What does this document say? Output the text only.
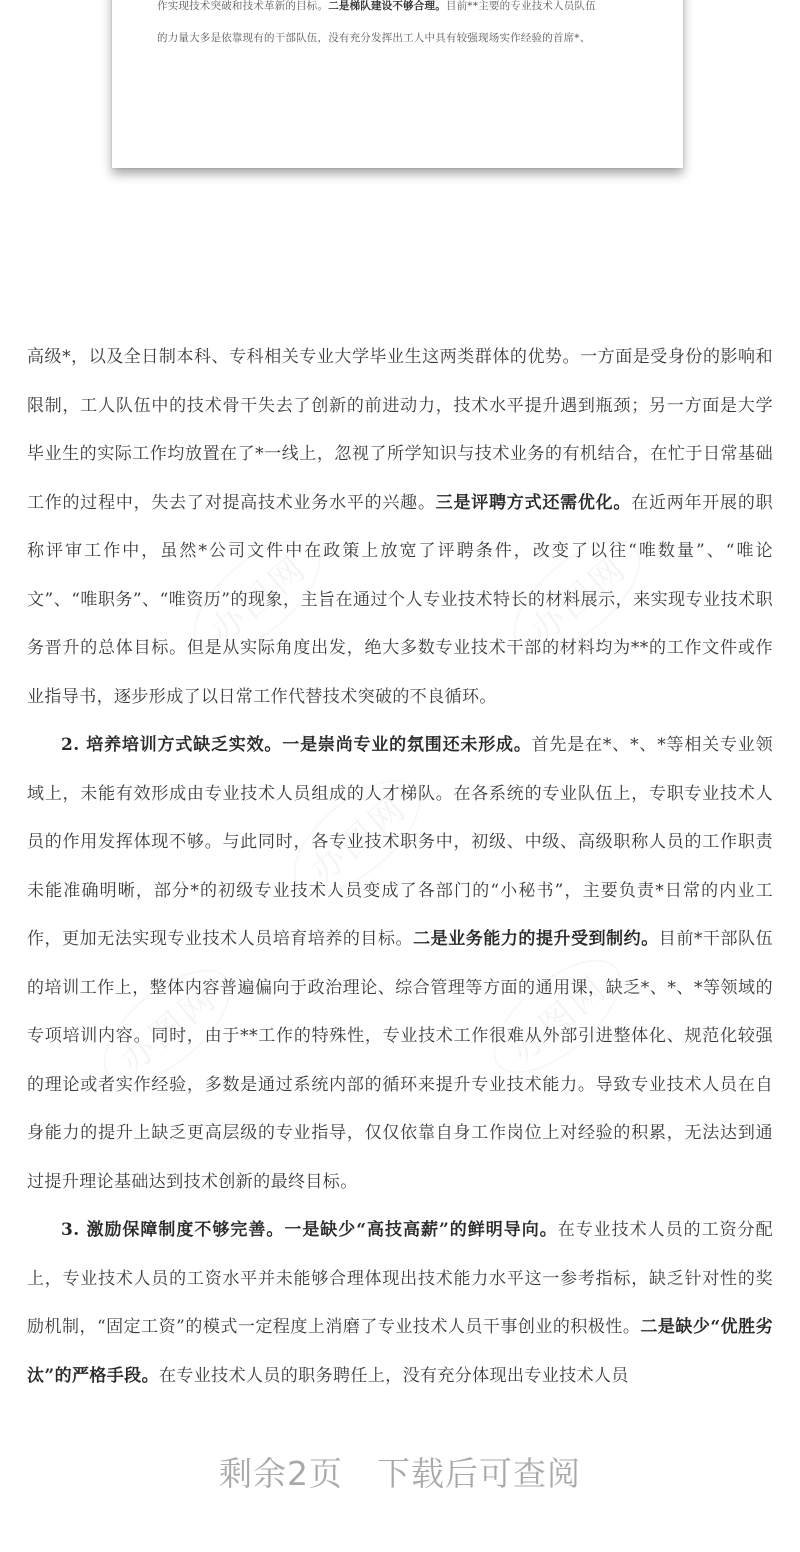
作实现技术突破和技术革新的目标。二是梯队建设不够合理。目前**主要的专业技术人员队伍

的力量大多是依靠现有的干部队伍，没有充分发挥出工人中具有较强现场实作经验的首席*、

办图网	办图网
办图网
办图网	办图网

高级*，以及全日制本科、专科相关专业大学毕业生这两类群体的优势。一方面是受身份的影响和限制，工人队伍中的技术骨干失去了创新的前进动力，技术水平提升遇到瓶颈；另一方面是大学毕业生的实际工作均放置在了*一线上，忽视了所学知识与技术业务的有机结合，在忙于日常基础工作的过程中，失去了对提高技术业务水平的兴趣。三是评聘方式还需优化。在近两年开展的职称评审工作中，虽然*公司文件中在政策上放宽了评聘条件，改变了以往“唯数量”、“唯论文”、“唯职务”、“唯资历”的现象，主旨在通过个人专业技术特长的材料展示，来实现专业技术职务晋升的总体目标。但是从实际角度出发，绝大多数专业技术干部的材料均为**的工作文件或作业指导书，逐步形成了以日常工作代替技术突破的不良循环。

2. 培养培训方式缺乏实效。一是崇尚专业的氛围还未形成。首先是在*、*、*等相关专业领域上，未能有效形成由专业技术人员组成的人才梯队。在各系统的专业队伍上，专职专业技术人员的作用发挥体现不够。与此同时，各专业技术职务中，初级、中级、高级职称人员的工作职责未能准确明晰，部分*的初级专业技术人员变成了各部门的“小秘书”，主要负责*日常的内业工作，更加无法实现专业技术人员培育培养的目标。二是业务能力的提升受到制约。目前*干部队伍的培训工作上，整体内容普遍偏向于政治理论、综合管理等方面的通用课，缺乏*、*、*等领域的专项培训内容。同时，由于**工作的特殊性，专业技术工作很难从外部引进整体化、规范化较强的理论或者实作经验，多数是通过系统内部的循环来提升专业技术能力。导致专业技术人员在自身能力的提升上缺乏更高层级的专业指导，仅仅依靠自身工作岗位上对经验的积累，无法达到通过提升理论基础达到技术创新的最终目标。

3. 激励保障制度不够完善。一是缺少“高技高薪”的鲜明导向。在专业技术人员的工资分配上，专业技术人员的工资水平并未能够合理体现出技术能力水平这一参考指标，缺乏针对性的奖励机制，“固定工资”的模式一定程度上消磨了专业技术人员干事创业的积极性。二是缺少“优胜劣汰”的严格手段。在专业技术人员的职务聘任上，没有充分体现出专业技术人员

剩余2页 下载后可查阅
